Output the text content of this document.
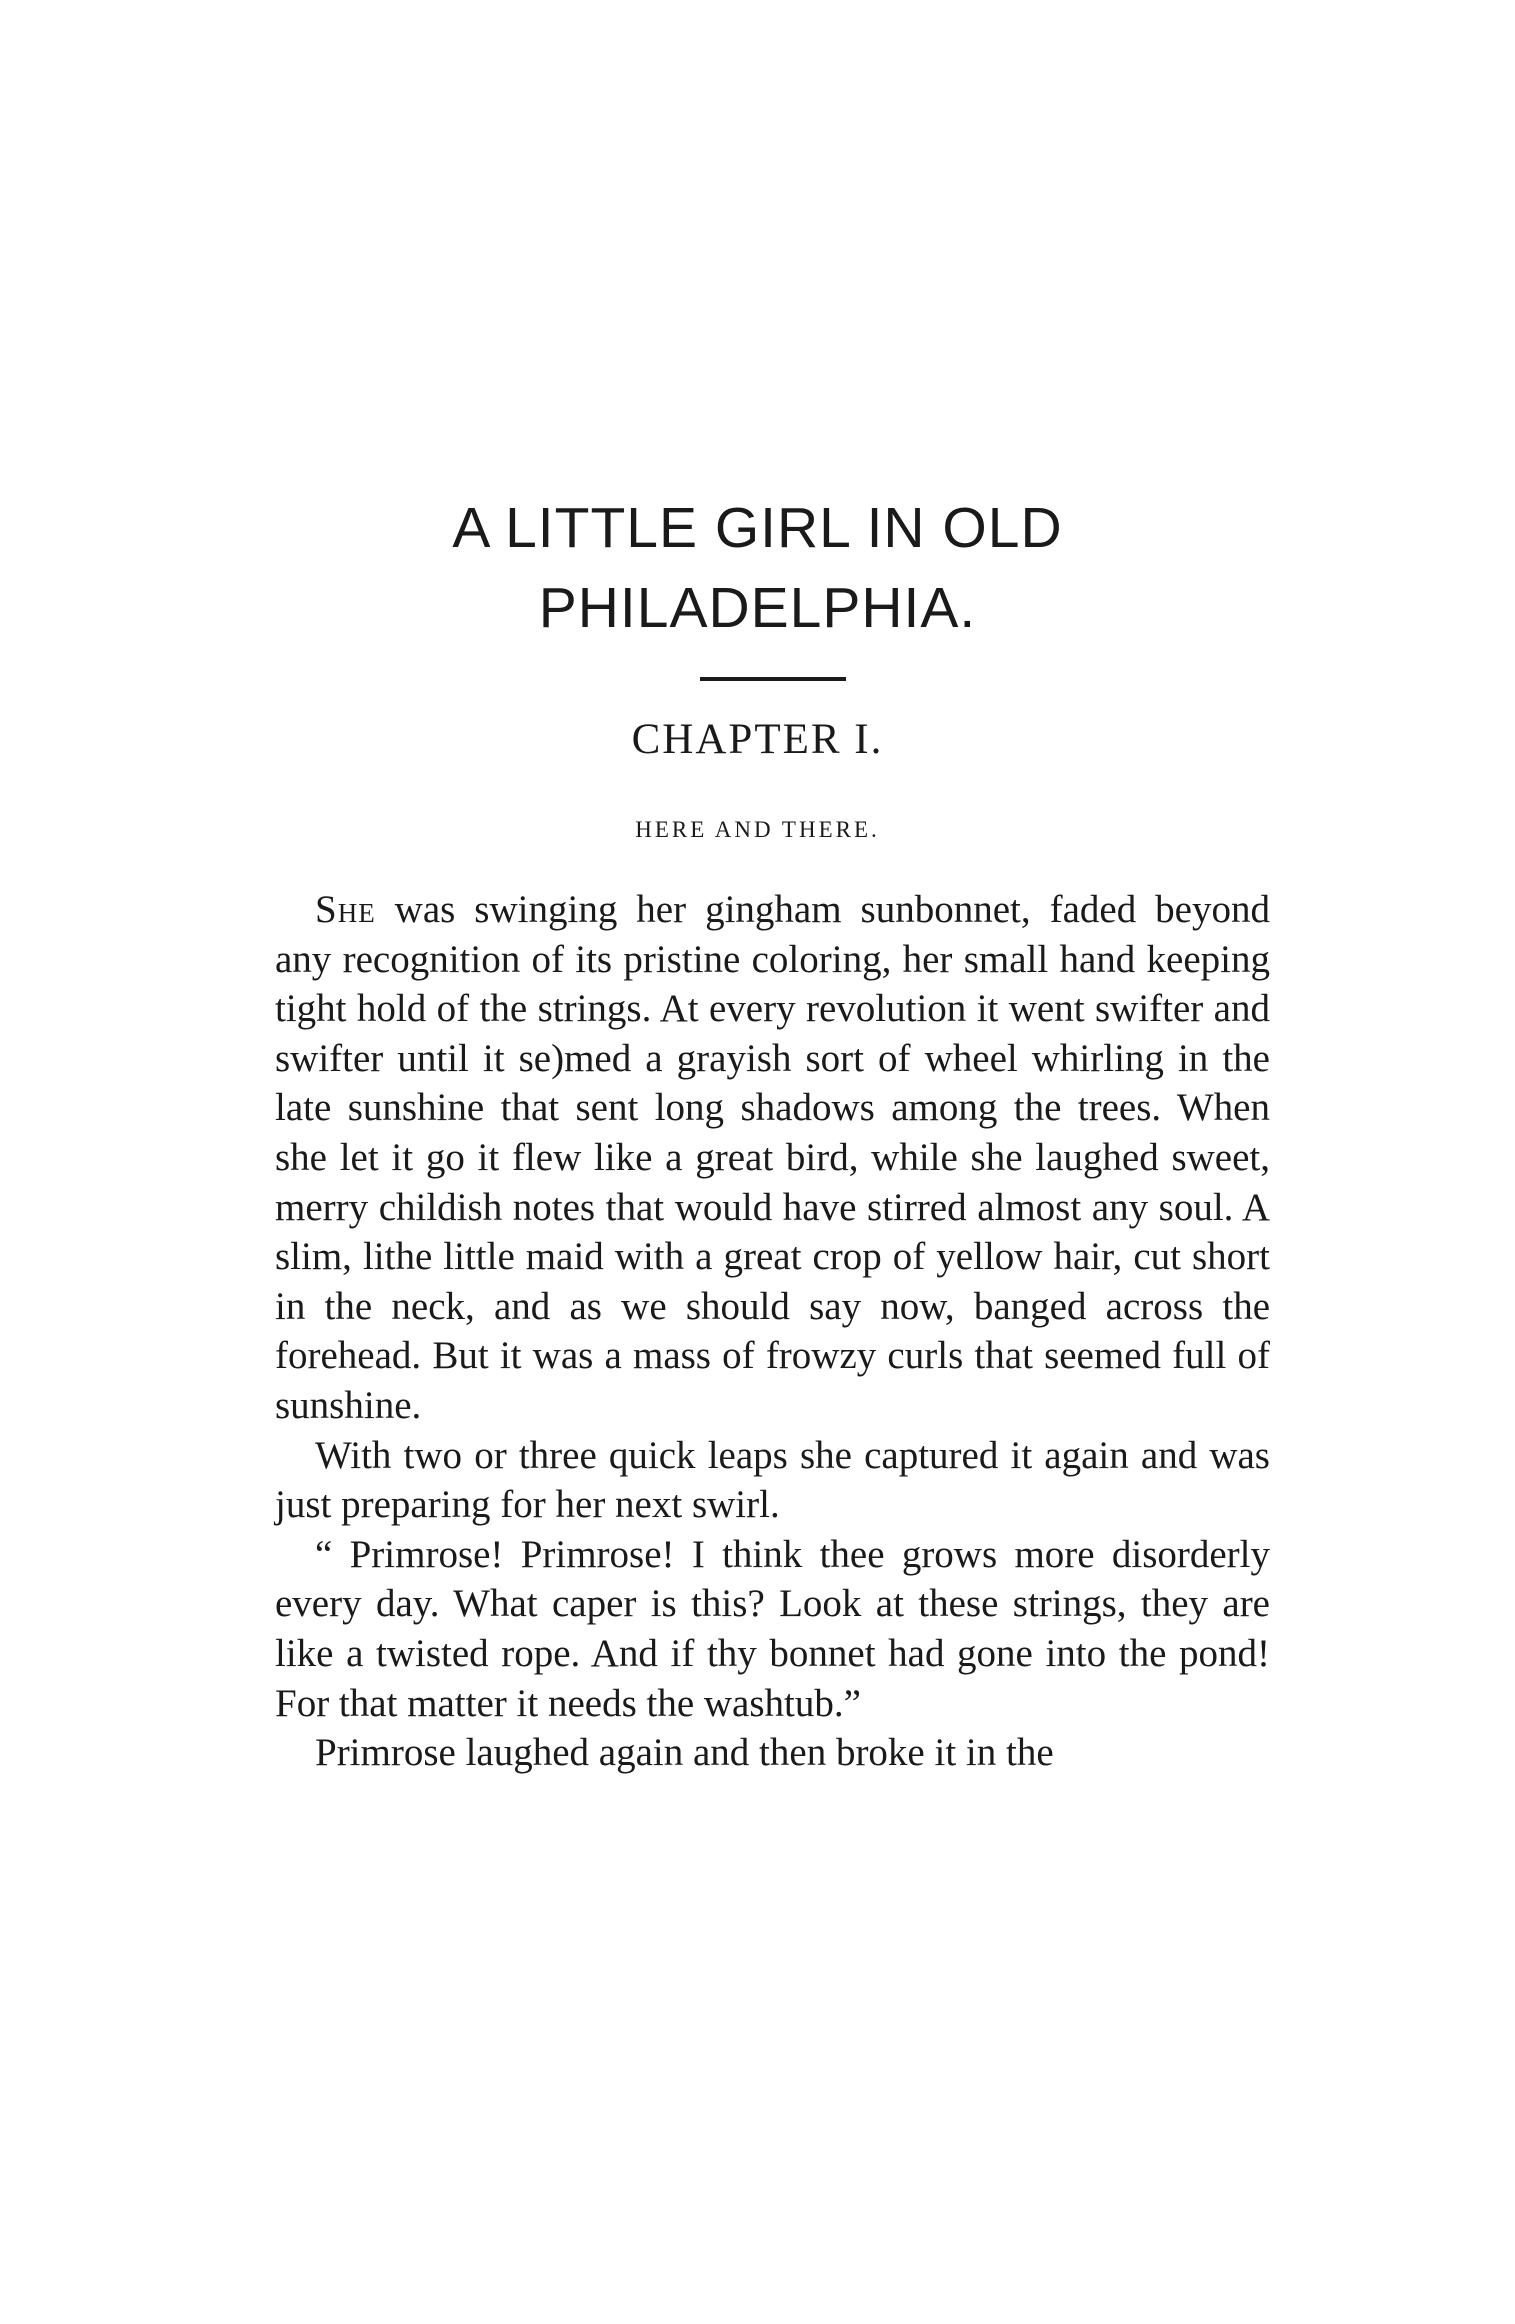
A LITTLE GIRL IN OLD
PHILADELPHIA.
CHAPTER I.
HERE AND THERE.

She was swinging her gingham sunbonnet, faded beyond any recognition of its pristine coloring, her small hand keeping tight hold of the strings. At every revolution it went swifter and swifter until it se)med a grayish sort of wheel whirling in the late sunshine that sent long shadows among the trees. When she let it go it flew like a great bird, while she laughed sweet, merry childish notes that would have stirred almost any soul. A slim, lithe little maid with a great crop of yellow hair, cut short in the neck, and as we should say now, banged across the forehead. But it was a mass of frowzy curls that seemed full of sunshine.

With two or three quick leaps she captured it again and was just preparing for her next swirl.

“ Primrose! Primrose! I think thee grows more disorderly every day. What caper is this? Look at these strings, they are like a twisted rope. And if thy bonnet had gone into the pond! For that matter it needs the washtub.”

Primrose laughed again and then broke it in the
